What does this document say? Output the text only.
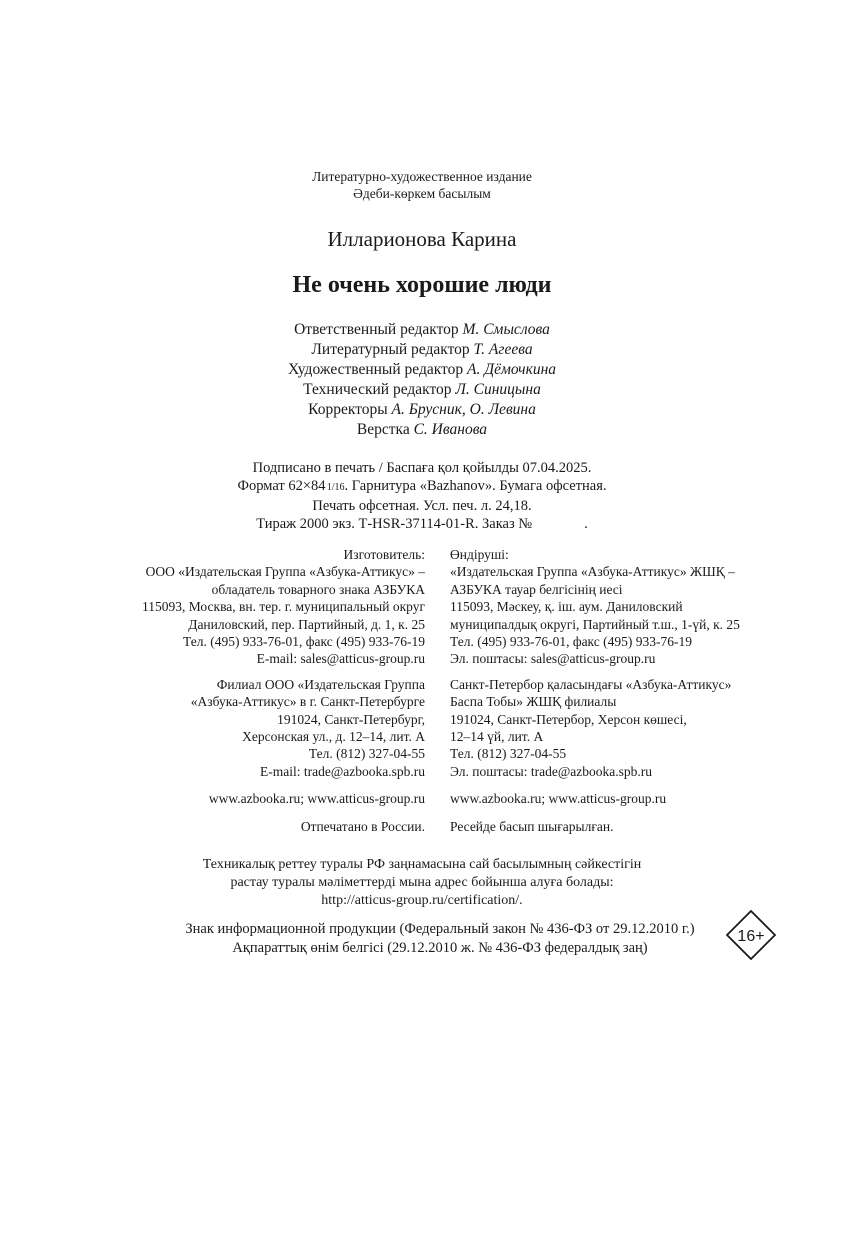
Литературно-художественное издание
Әдеби-көркем басылым
Илларионова Карина
Не очень хорошие люди
Ответственный редактор М. Смыслова
Литературный редактор Т. Агеева
Художественный редактор А. Дёмочкина
Технический редактор Л. Синицына
Корректоры А. Брусник, О. Левина
Верстка С. Иванова
Подписано в печать / Баспаға қол қойылды 07.04.2025.
Формат 62×84 1/16. Гарнитура «Bazhanov». Бумага офсетная.
Печать офсетная. Усл. печ. л. 24,18.
Тираж 2000 экз. Т-HSR-37114-01-R. Заказ №	.
Изготовитель:
ООО «Издательская Группа «Азбука-Аттикус» –
обладатель товарного знака АЗБУКА
115093, Москва, вн. тер. г. муниципальный округ
Даниловский, пер. Партийный, д. 1, к. 25
Тел. (495) 933-76-01, факс (495) 933-76-19
E-mail: sales@atticus-group.ru
Филиал ООО «Издательская Группа
«Азбука-Аттикус» в г. Санкт-Петербурге
191024, Санкт-Петербург,
Херсонская ул., д. 12–14, лит. А
Тел. (812) 327-04-55
E-mail: trade@azbooka.spb.ru
www.azbooka.ru; www.atticus-group.ru
Отпечатано в России.
Өндіруші:
«Издательская Группа «Азбука-Аттикус» ЖШҚ –
АЗБУКА тауар белгісінің иесі
115093, Мәскеу, қ. іш. аум. Даниловский
муниципалдық округі, Партийный т.ш., 1-үй, к. 25
Тел. (495) 933-76-01, факс (495) 933-76-19
Эл. поштасы: sales@atticus-group.ru
Санкт-Петербор қаласындағы «Азбука-Аттикус»
Баспа Тобы» ЖШҚ филиалы
191024, Санкт-Петербор, Херсон көшесі,
12–14 үй, лит. А
Тел. (812) 327-04-55
Эл. поштасы: trade@azbooka.spb.ru
www.azbooka.ru; www.atticus-group.ru
Ресейде басып шығарылған.
Техникалық реттеу туралы РФ заңнамасына сай басылымның сәйкестігін
растау туралы мәліметтерді мына адрес бойынша алуға болады:
http://atticus-group.ru/certification/.
Знак информационной продукции (Федеральный закон № 436-ФЗ от 29.12.2010 г.)
Ақпараттық өнім белгісі (29.12.2010 ж. № 436-ФЗ федералдық заң)
16+
